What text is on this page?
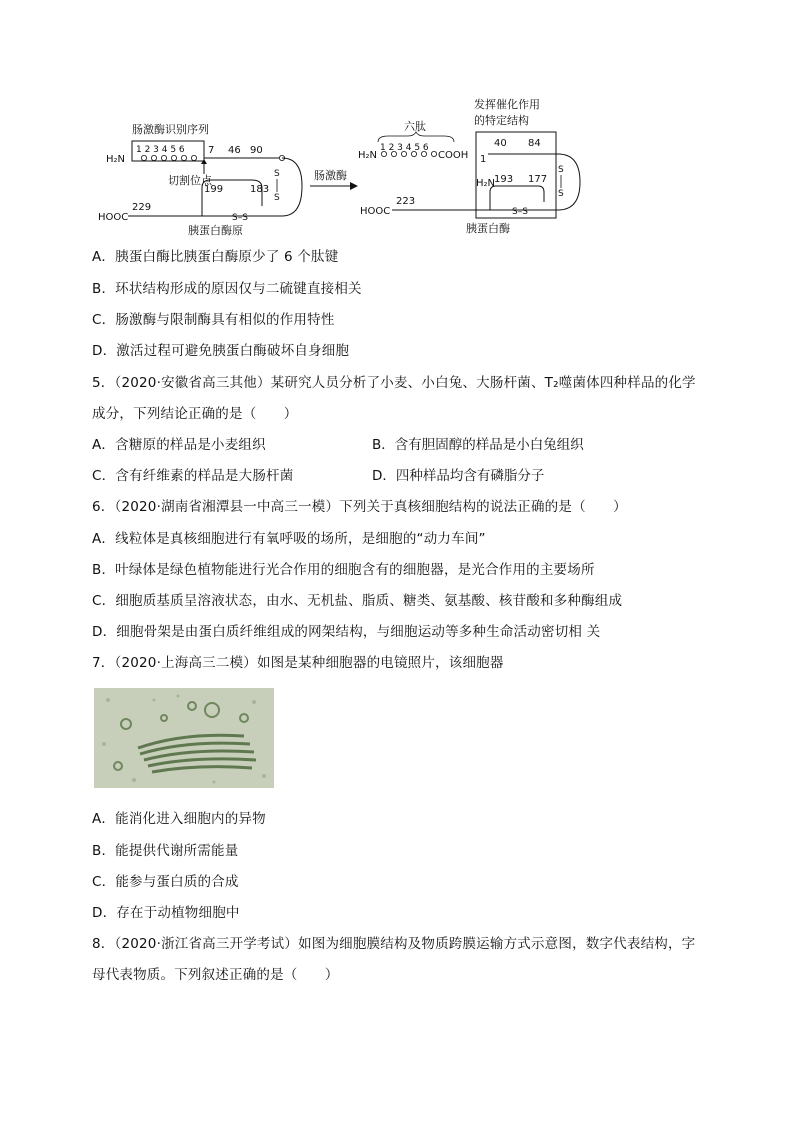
肠激酶识别序列
H₂N
1 2 3 4 5 6 7 46 90
切割位点	S
S
199	183
S–S
229
HOOC
胰蛋白酶原
肠激酶
六肽
H₂N
1 2 3 4 5 6
COOH
发挥催化作用
的特定结构
40 84
1
S
S
H₂N
193 177
S–S
223
HOOC
胰蛋白酶
A．胰蛋白酶比胰蛋白酶原少了 6 个肽键
B．环状结构形成的原因仅与二硫键直接相关
C．肠激酶与限制酶具有相似的作用特性
D．激活过程可避免胰蛋白酶破坏自身细胞
5．（2020·安徽省高三其他）某研究人员分析了小麦、小白兔、大肠杆菌、T₂噬菌体四种样品的化学
成分，下列结论正确的是（　　）
A．含糖原的样品是小麦组织	B．含有胆固醇的样品是小白兔组织
C．含有纤维素的样品是大肠杆菌	D．四种样品均含有磷脂分子
6．（2020·湖南省湘潭县一中高三一模）下列关于真核细胞结构的说法正确的是（　　）
A．线粒体是真核细胞进行有氧呼吸的场所，是细胞的“动力车间”
B．叶绿体是绿色植物能进行光合作用的细胞含有的细胞器，是光合作用的主要场所
C．细胞质基质呈溶液状态，由水、无机盐、脂质、糖类、氨基酸、核苷酸和多种酶组成
D．细胞骨架是由蛋白质纤维组成的网架结构，与细胞运动等多种生命活动密切相 关
7．（2020·上海高三二模）如图是某种细胞器的电镜照片，该细胞器
A．能消化进入细胞内的异物
B．能提供代谢所需能量
C．能参与蛋白质的合成
D．存在于动植物细胞中
8．（2020·浙江省高三开学考试）如图为细胞膜结构及物质跨膜运输方式示意图，数字代表结构，字
母代表物质。下列叙述正确的是（　　）
